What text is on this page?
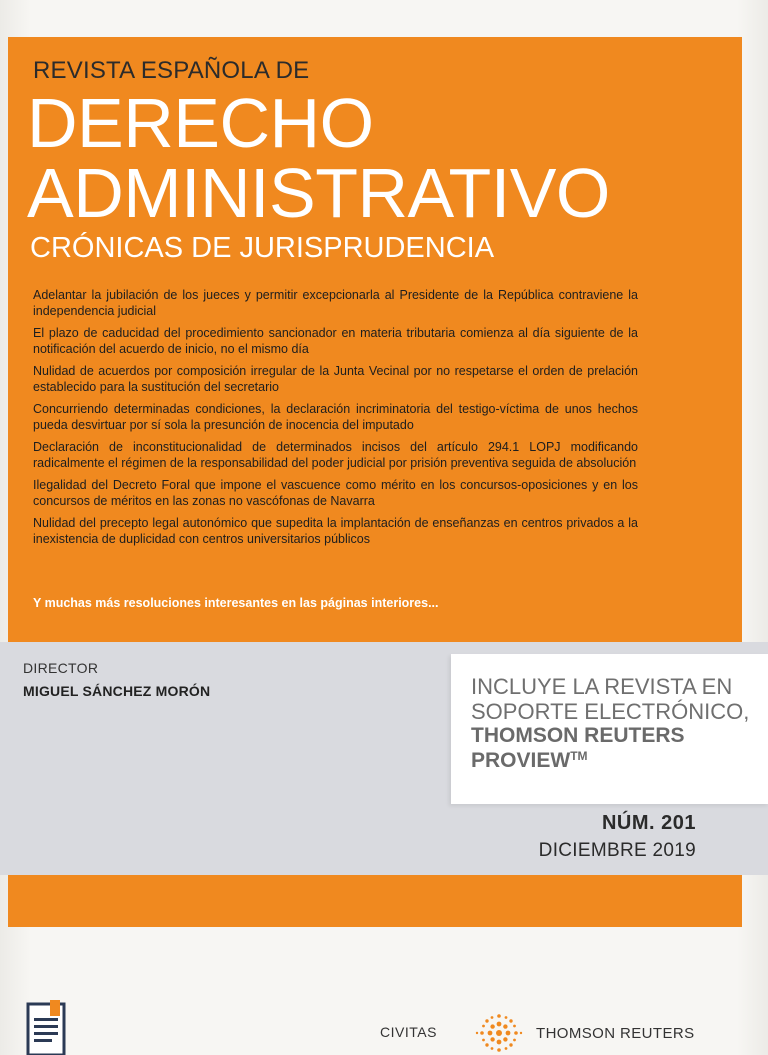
REVISTA ESPAÑOLA DE
DERECHO
ADMINISTRATIVO
CRÓNICAS DE JURISPRUDENCIA
Adelantar la jubilación de los jueces y permitir excepcionarla al Presidente de la República contraviene la independencia judicial
El plazo de caducidad del procedimiento sancionador en materia tributaria comienza al día siguiente de la notificación del acuerdo de inicio, no el mismo día
Nulidad de acuerdos por composición irregular de la Junta Vecinal por no respetarse el orden de prelación establecido para la sustitución del secretario
Concurriendo determinadas condiciones, la declaración incriminatoria del testigo-víctima de unos hechos pueda desvirtuar por sí sola la presunción de inocencia del imputado
Declaración de inconstitucionalidad de determinados incisos del artículo 294.1 LOPJ modificando radicalmente el régimen de la responsabilidad del poder judicial por prisión preventiva seguida de absolución
Ilegalidad del Decreto Foral que impone el vascuence como mérito en los concursos-oposiciones y en los concursos de méritos en las zonas no vascófonas de Navarra
Nulidad del precepto legal autonómico que supedita la implantación de enseñanzas en centros privados a la inexistencia de duplicidad con centros universitarios públicos
Y muchas más resoluciones interesantes en las páginas interiores...
DIRECTOR
MIGUEL SÁNCHEZ MORÓN	INCLUYE LA REVISTA EN
SOPORTE ELECTRÓNICO,
THOMSON REUTERS
PROVIEW™
NÚM. 201
DICIEMBRE 2019
CIVITAS	THOMSON REUTERS
